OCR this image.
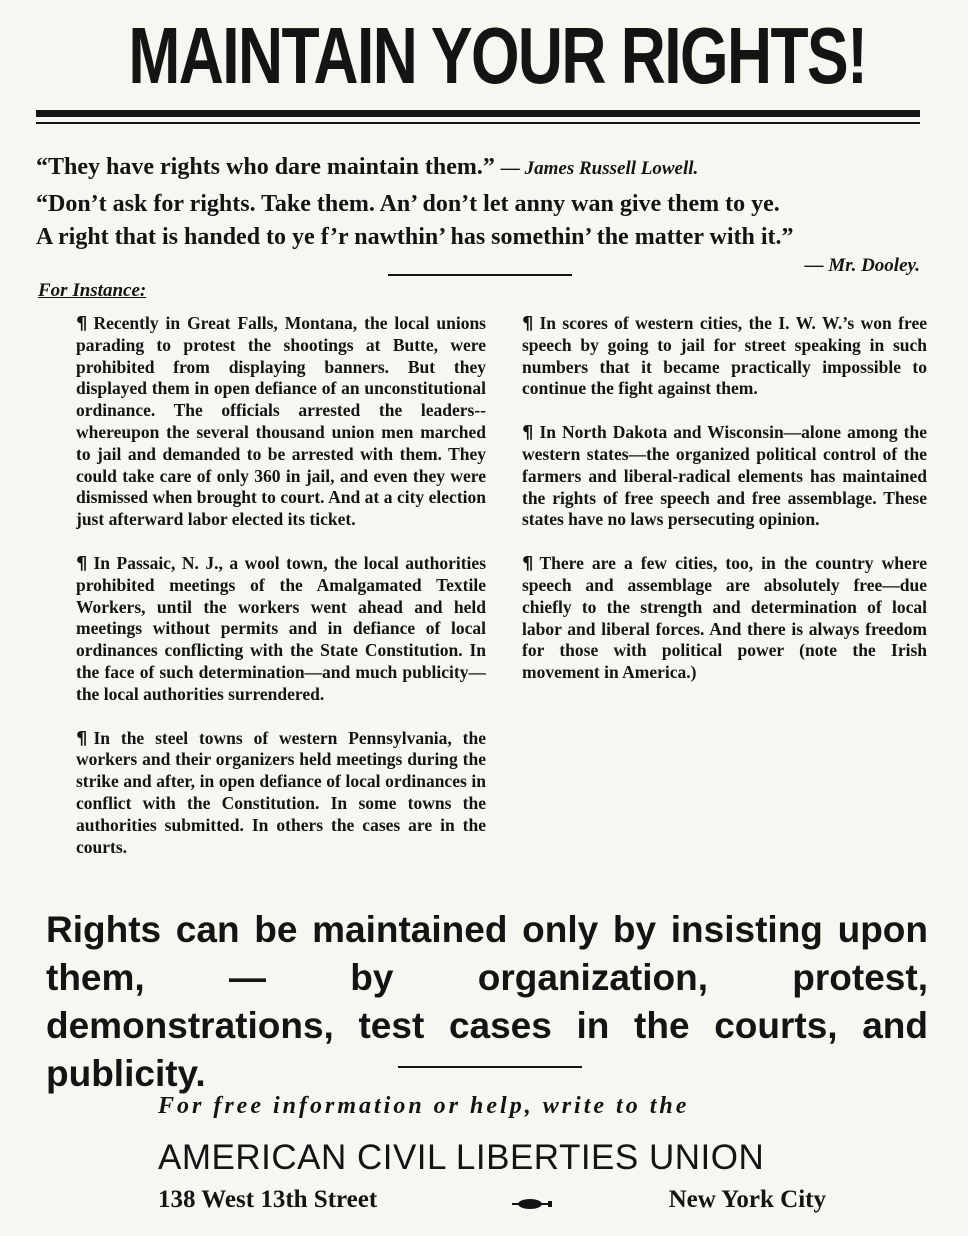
MAINTAIN YOUR RIGHTS!
“They have rights who dare maintain them.” — James Russell Lowell.
“Don’t ask for rights. Take them. An’ don’t let anny wan give them to ye.
A right that is handed to ye f’r nawthin’ has somethin’ the matter with it.”
— Mr. Dooley.
For Instance:

¶ Recently in Great Falls, Montana, the local unions parading to protest the shootings at Butte, were prohibited from displaying banners. But they displayed them in open defiance of an unconstitutional ordinance. The officials arrested the leaders--whereupon the several thousand union men marched to jail and demanded to be arrested with them. They could take care of only 360 in jail, and even they were dismissed when brought to court. And at a city election just afterward labor elected its ticket.

¶ In Passaic, N. J., a wool town, the local authorities prohibited meetings of the Amalgamated Textile Workers, until the workers went ahead and held meetings without permits and in defiance of local ordinances conflicting with the State Constitution. In the face of such determination—and much publicity—the local authorities surrendered.

¶ In the steel towns of western Pennsylvania, the workers and their organizers held meetings during the strike and after, in open defiance of local ordinances in conflict with the Constitution. In some towns the authorities submitted. In others the cases are in the courts.

¶ In scores of western cities, the I. W. W.’s won free speech by going to jail for street speaking in such numbers that it became practically impossible to continue the fight against them.

¶ In North Dakota and Wisconsin—alone among the western states—the organized political control of the farmers and liberal-radical elements has maintained the rights of free speech and free assemblage. These states have no laws persecuting opinion.

¶ There are a few cities, too, in the country where speech and assemblage are absolutely free—due chiefly to the strength and determination of local labor and liberal forces. And there is always freedom for those with political power (note the Irish movement in America.)

Rights can be maintained only by insisting upon them, — by organization, protest, demonstrations, test cases in the courts, and publicity.
For free information or help, write to the
AMERICAN CIVIL LIBERTIES UNION
138 West 13th Street	New York City
